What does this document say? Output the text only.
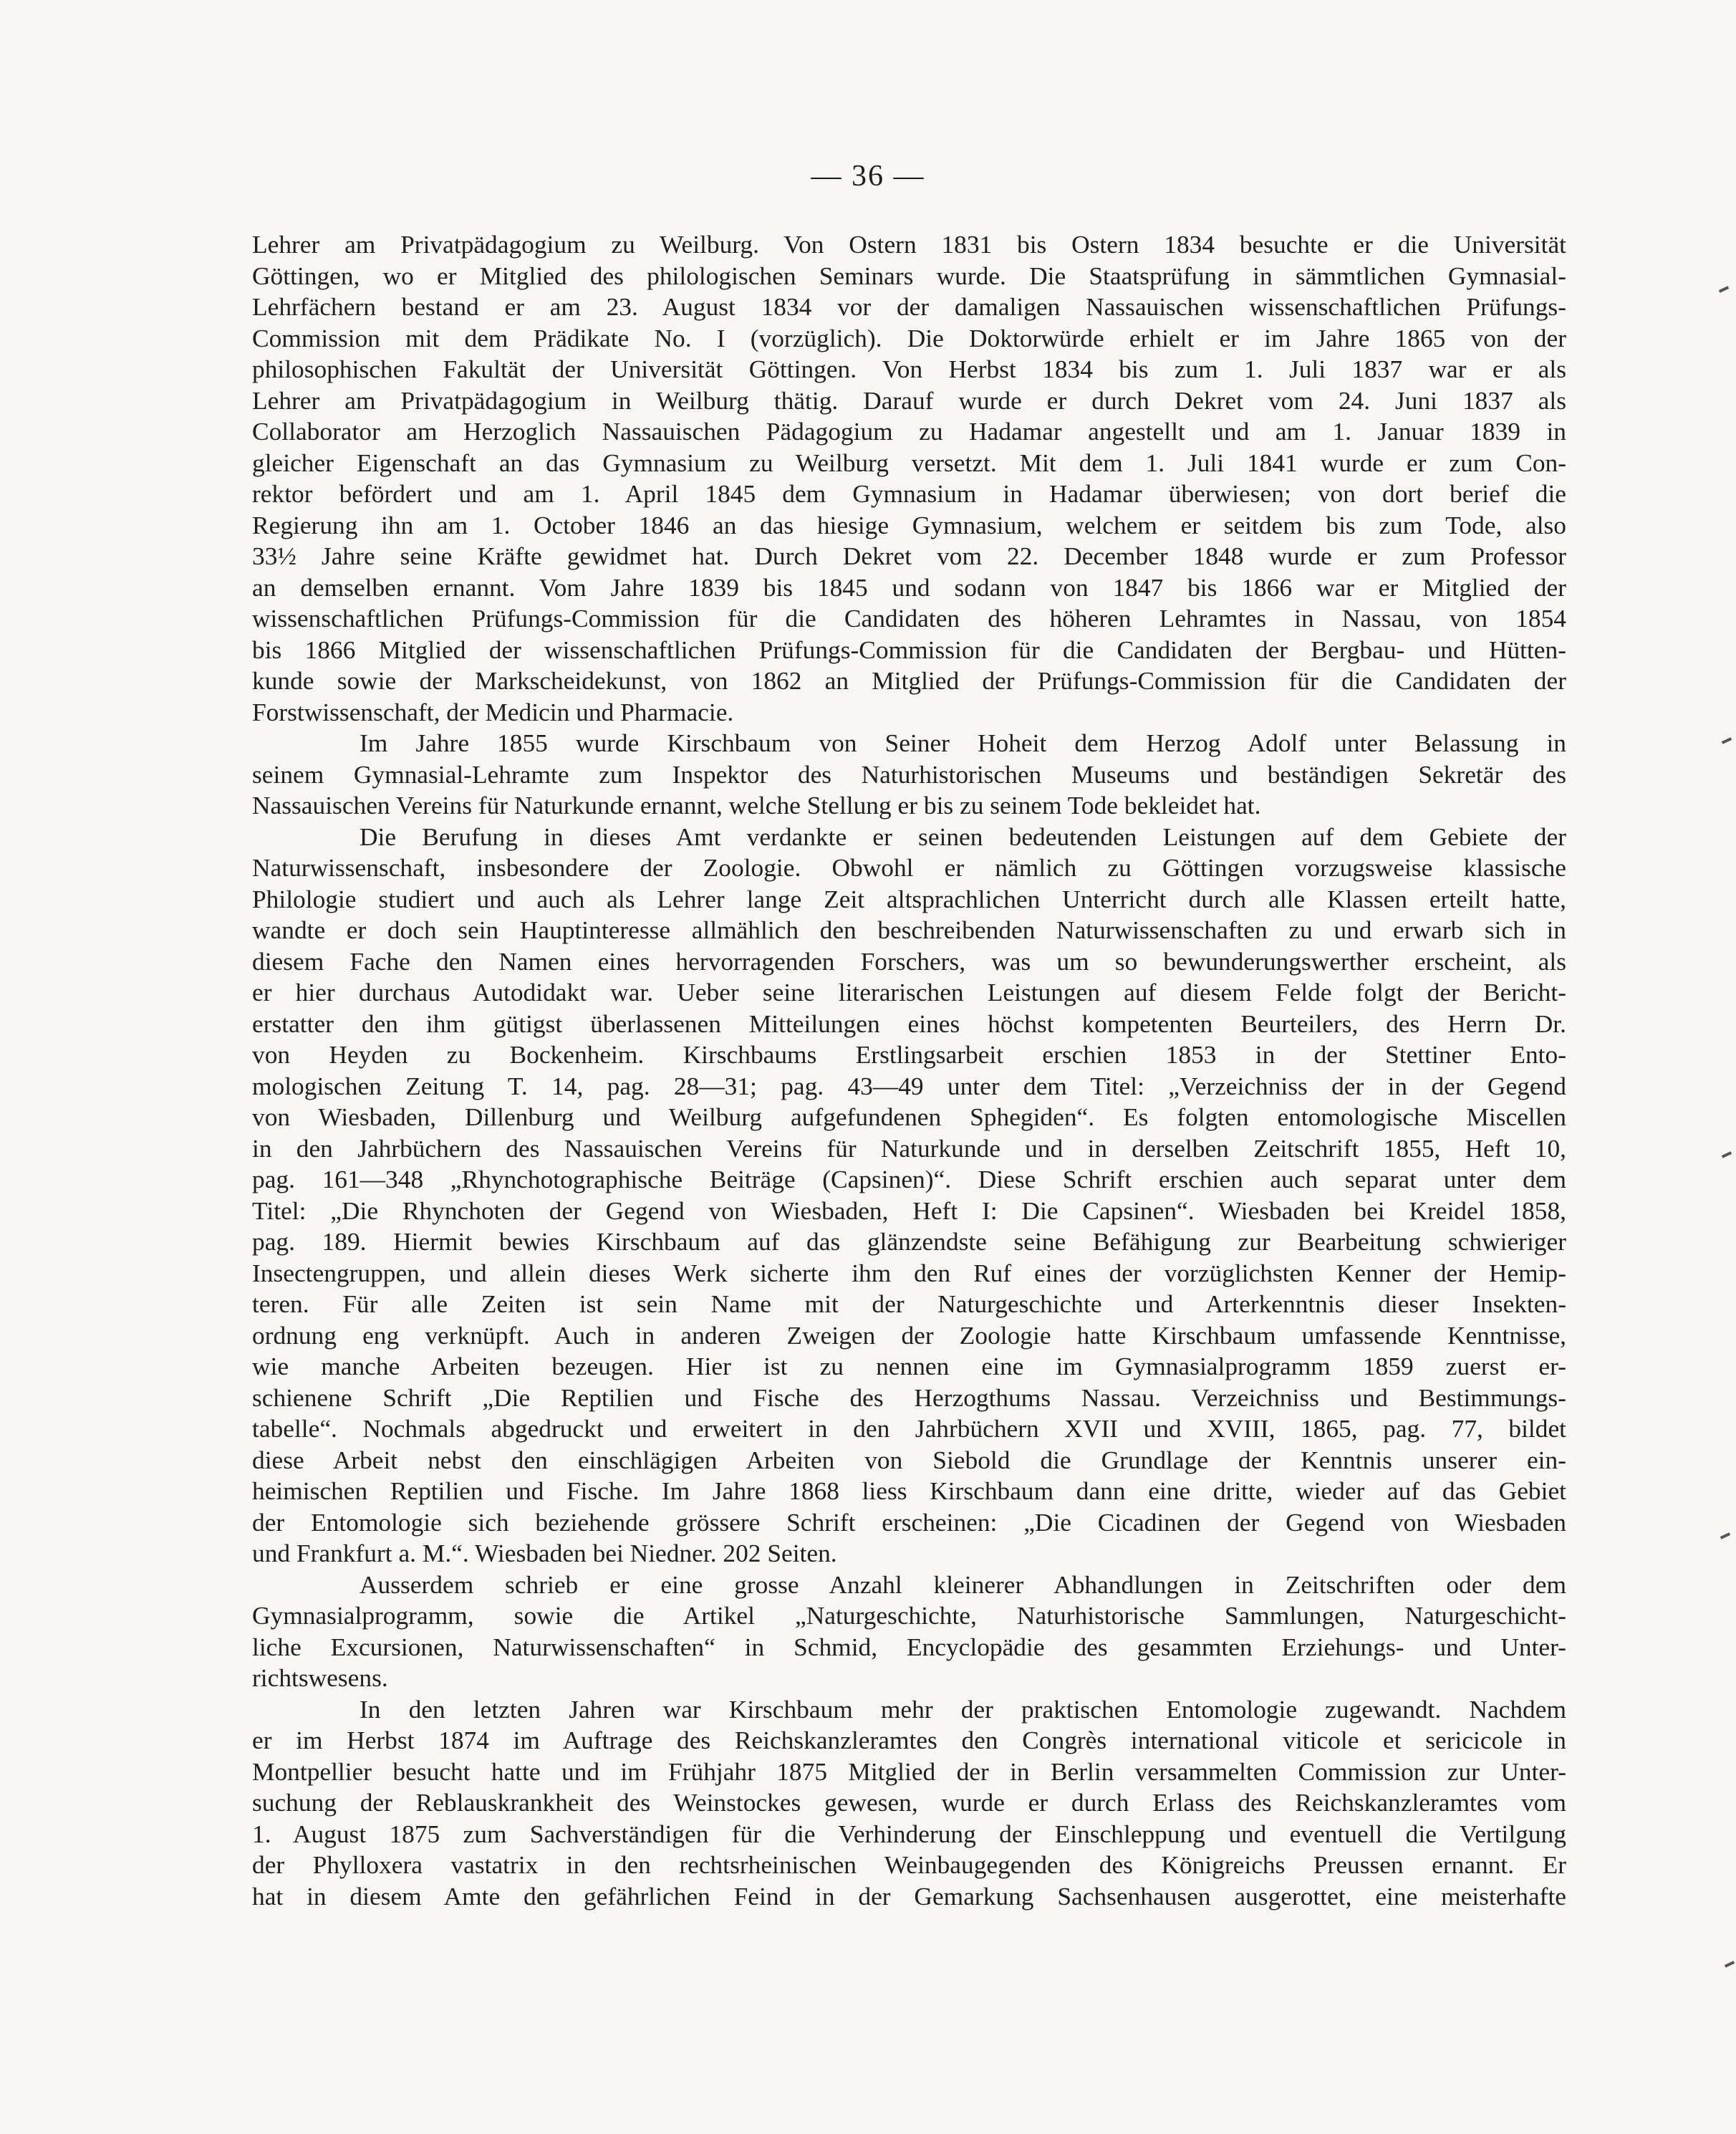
— 36 —
Lehrer am Privatpädagogium zu Weilburg. Von Ostern 1831 bis Ostern 1834 besuchte er die Universität
Göttingen, wo er Mitglied des philologischen Seminars wurde. Die Staatsprüfung in sämmtlichen Gymnasial-
Lehrfächern bestand er am 23. August 1834 vor der damaligen Nassauischen wissenschaftlichen Prüfungs-
Commission mit dem Prädikate No. I (vorzüglich). Die Doktorwürde erhielt er im Jahre 1865 von der
philosophischen Fakultät der Universität Göttingen. Von Herbst 1834 bis zum 1. Juli 1837 war er als
Lehrer am Privatpädagogium in Weilburg thätig. Darauf wurde er durch Dekret vom 24. Juni 1837 als
Collaborator am Herzoglich Nassauischen Pädagogium zu Hadamar angestellt und am 1. Januar 1839 in
gleicher Eigenschaft an das Gymnasium zu Weilburg versetzt. Mit dem 1. Juli 1841 wurde er zum Con-
rektor befördert und am 1. April 1845 dem Gymnasium in Hadamar überwiesen; von dort berief die
Regierung ihn am 1. October 1846 an das hiesige Gymnasium, welchem er seitdem bis zum Tode, also
33½ Jahre seine Kräfte gewidmet hat. Durch Dekret vom 22. December 1848 wurde er zum Professor
an demselben ernannt. Vom Jahre 1839 bis 1845 und sodann von 1847 bis 1866 war er Mitglied der
wissenschaftlichen Prüfungs-Commission für die Candidaten des höheren Lehramtes in Nassau, von 1854
bis 1866 Mitglied der wissenschaftlichen Prüfungs-Commission für die Candidaten der Bergbau- und Hütten-
kunde sowie der Markscheidekunst, von 1862 an Mitglied der Prüfungs-Commission für die Candidaten der
Forstwissenschaft, der Medicin und Pharmacie.
Im Jahre 1855 wurde Kirschbaum von Seiner Hoheit dem Herzog Adolf unter Belassung in
seinem Gymnasial-Lehramte zum Inspektor des Naturhistorischen Museums und beständigen Sekretär des
Nassauischen Vereins für Naturkunde ernannt, welche Stellung er bis zu seinem Tode bekleidet hat.
Die Berufung in dieses Amt verdankte er seinen bedeutenden Leistungen auf dem Gebiete der
Naturwissenschaft, insbesondere der Zoologie. Obwohl er nämlich zu Göttingen vorzugsweise klassische
Philologie studiert und auch als Lehrer lange Zeit altsprachlichen Unterricht durch alle Klassen erteilt hatte,
wandte er doch sein Hauptinteresse allmählich den beschreibenden Naturwissenschaften zu und erwarb sich in
diesem Fache den Namen eines hervorragenden Forschers, was um so bewunderungswerther erscheint, als
er hier durchaus Autodidakt war. Ueber seine literarischen Leistungen auf diesem Felde folgt der Bericht-
erstatter den ihm gütigst überlassenen Mitteilungen eines höchst kompetenten Beurteilers, des Herrn Dr.
von Heyden zu Bockenheim. Kirschbaums Erstlingsarbeit erschien 1853 in der Stettiner Ento-
mologischen Zeitung T. 14, pag. 28—31; pag. 43—49 unter dem Titel: „Verzeichniss der in der Gegend
von Wiesbaden, Dillenburg und Weilburg aufgefundenen Sphegiden“. Es folgten entomologische Miscellen
in den Jahrbüchern des Nassauischen Vereins für Naturkunde und in derselben Zeitschrift 1855, Heft 10,
pag. 161—348 „Rhynchotographische Beiträge (Capsinen)“. Diese Schrift erschien auch separat unter dem
Titel: „Die Rhynchoten der Gegend von Wiesbaden, Heft I: Die Capsinen“. Wiesbaden bei Kreidel 1858,
pag. 189. Hiermit bewies Kirschbaum auf das glänzendste seine Befähigung zur Bearbeitung schwieriger
Insectengruppen, und allein dieses Werk sicherte ihm den Ruf eines der vorzüglichsten Kenner der Hemip-
teren. Für alle Zeiten ist sein Name mit der Naturgeschichte und Arterkenntnis dieser Insekten-
ordnung eng verknüpft. Auch in anderen Zweigen der Zoologie hatte Kirschbaum umfassende Kenntnisse,
wie manche Arbeiten bezeugen. Hier ist zu nennen eine im Gymnasialprogramm 1859 zuerst er-
schienene Schrift „Die Reptilien und Fische des Herzogthums Nassau. Verzeichniss und Bestimmungs-
tabelle“. Nochmals abgedruckt und erweitert in den Jahrbüchern XVII und XVIII, 1865, pag. 77, bildet
diese Arbeit nebst den einschlägigen Arbeiten von Siebold die Grundlage der Kenntnis unserer ein-
heimischen Reptilien und Fische. Im Jahre 1868 liess Kirschbaum dann eine dritte, wieder auf das Gebiet
der Entomologie sich beziehende grössere Schrift erscheinen: „Die Cicadinen der Gegend von Wiesbaden
und Frankfurt a. M.“. Wiesbaden bei Niedner. 202 Seiten.
Ausserdem schrieb er eine grosse Anzahl kleinerer Abhandlungen in Zeitschriften oder dem
Gymnasialprogramm, sowie die Artikel „Naturgeschichte, Naturhistorische Sammlungen, Naturgeschicht-
liche Excursionen, Naturwissenschaften“ in Schmid, Encyclopädie des gesammten Erziehungs- und Unter-
richtswesens.
In den letzten Jahren war Kirschbaum mehr der praktischen Entomologie zugewandt. Nachdem
er im Herbst 1874 im Auftrage des Reichskanzleramtes den Congrès international viticole et sericicole in
Montpellier besucht hatte und im Frühjahr 1875 Mitglied der in Berlin versammelten Commission zur Unter-
suchung der Reblauskrankheit des Weinstockes gewesen, wurde er durch Erlass des Reichskanzleramtes vom
1. August 1875 zum Sachverständigen für die Verhinderung der Einschleppung und eventuell die Vertilgung
der Phylloxera vastatrix in den rechtsrheinischen Weinbaugegenden des Königreichs Preussen ernannt. Er
hat in diesem Amte den gefährlichen Feind in der Gemarkung Sachsenhausen ausgerottet, eine meisterhafte
